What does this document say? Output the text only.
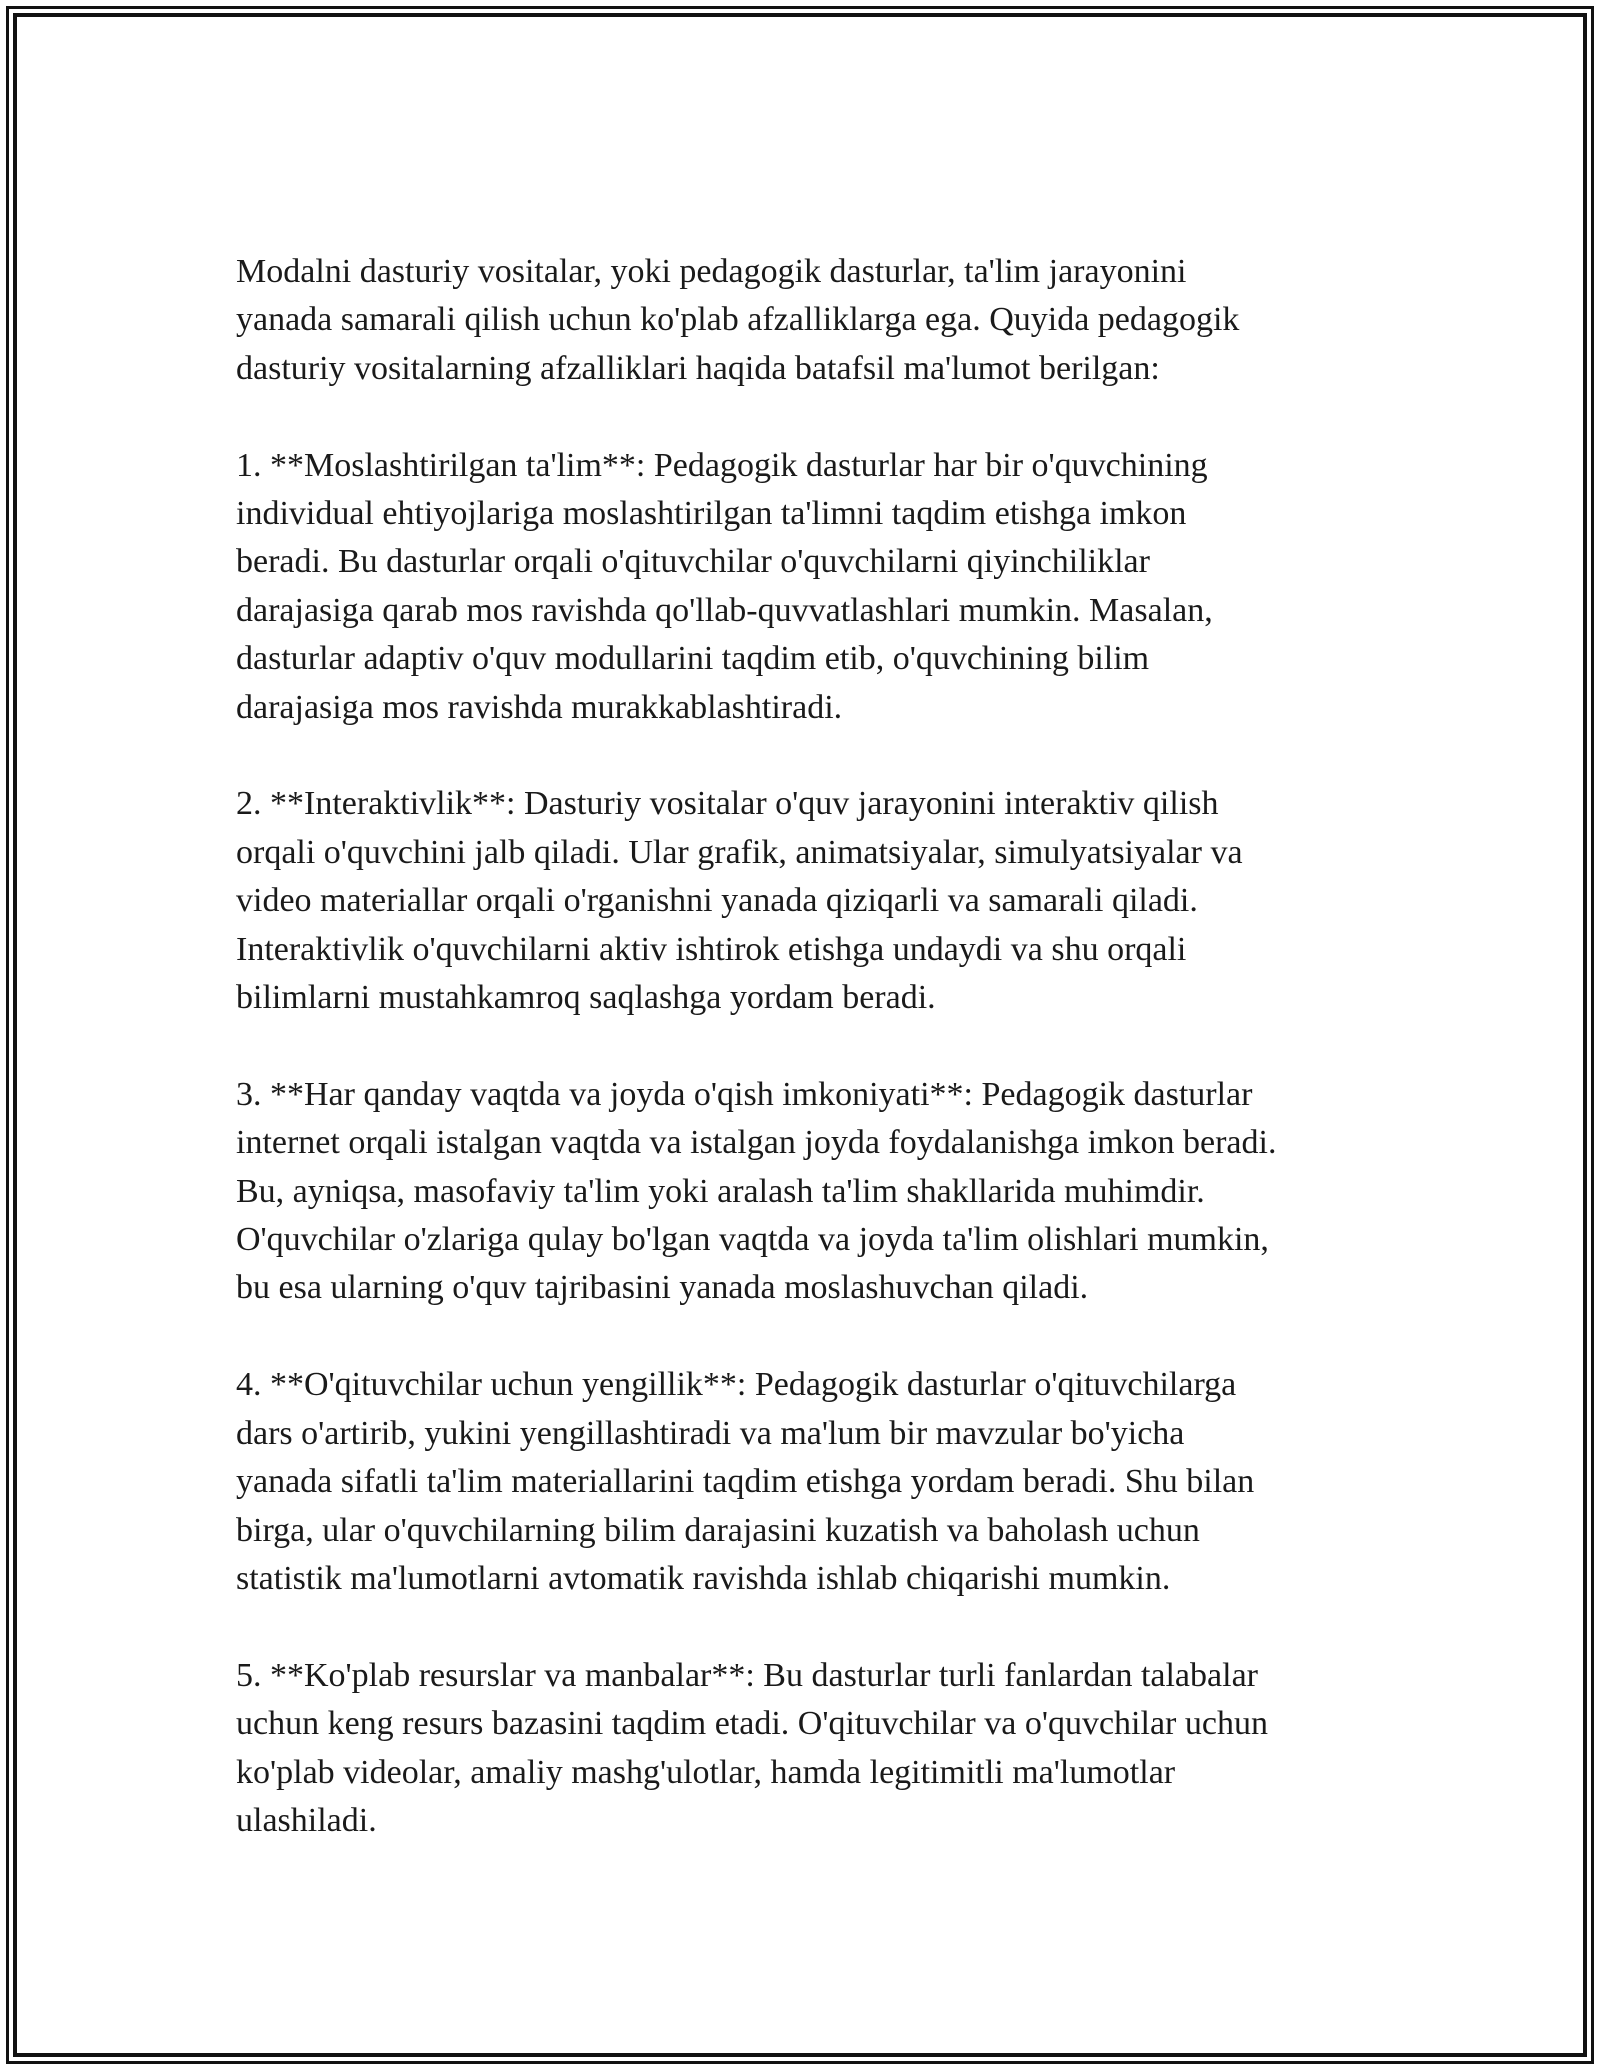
Modalni dasturiy vositalar, yoki pedagogik dasturlar, ta'lim jarayonini
yanada samarali qilish uchun ko'plab afzalliklarga ega. Quyida pedagogik
dasturiy vositalarning afzalliklari haqida batafsil ma'lumot berilgan:

1. **Moslashtirilgan ta'lim**: Pedagogik dasturlar har bir o'quvchining
individual ehtiyojlariga moslashtirilgan ta'limni taqdim etishga imkon
beradi. Bu dasturlar orqali o'qituvchilar o'quvchilarni qiyinchiliklar
darajasiga qarab mos ravishda qo'llab-quvvatlashlari mumkin. Masalan,
dasturlar adaptiv o'quv modullarini taqdim etib, o'quvchining bilim
darajasiga mos ravishda murakkablashtiradi.

2. **Interaktivlik**: Dasturiy vositalar o'quv jarayonini interaktiv qilish
orqali o'quvchini jalb qiladi. Ular grafik, animatsiyalar, simulyatsiyalar va
video materiallar orqali o'rganishni yanada qiziqarli va samarali qiladi.
Interaktivlik o'quvchilarni aktiv ishtirok etishga undaydi va shu orqali
bilimlarni mustahkamroq saqlashga yordam beradi.

3. **Har qanday vaqtda va joyda o'qish imkoniyati**: Pedagogik dasturlar
internet orqali istalgan vaqtda va istalgan joyda foydalanishga imkon beradi.
Bu, ayniqsa, masofaviy ta'lim yoki aralash ta'lim shakllarida muhimdir.
O'quvchilar o'zlariga qulay bo'lgan vaqtda va joyda ta'lim olishlari mumkin,
bu esa ularning o'quv tajribasini yanada moslashuvchan qiladi.

4. **O'qituvchilar uchun yengillik**: Pedagogik dasturlar o'qituvchilarga
dars o'artirib, yukini yengillashtiradi va ma'lum bir mavzular bo'yicha
yanada sifatli ta'lim materiallarini taqdim etishga yordam beradi. Shu bilan
birga, ular o'quvchilarning bilim darajasini kuzatish va baholash uchun
statistik ma'lumotlarni avtomatik ravishda ishlab chiqarishi mumkin.

5. **Ko'plab resurslar va manbalar**: Bu dasturlar turli fanlardan talabalar
uchun keng resurs bazasini taqdim etadi. O'qituvchilar va o'quvchilar uchun
ko'plab videolar, amaliy mashg'ulotlar, hamda legitimitli ma'lumotlar
ulashiladi.
